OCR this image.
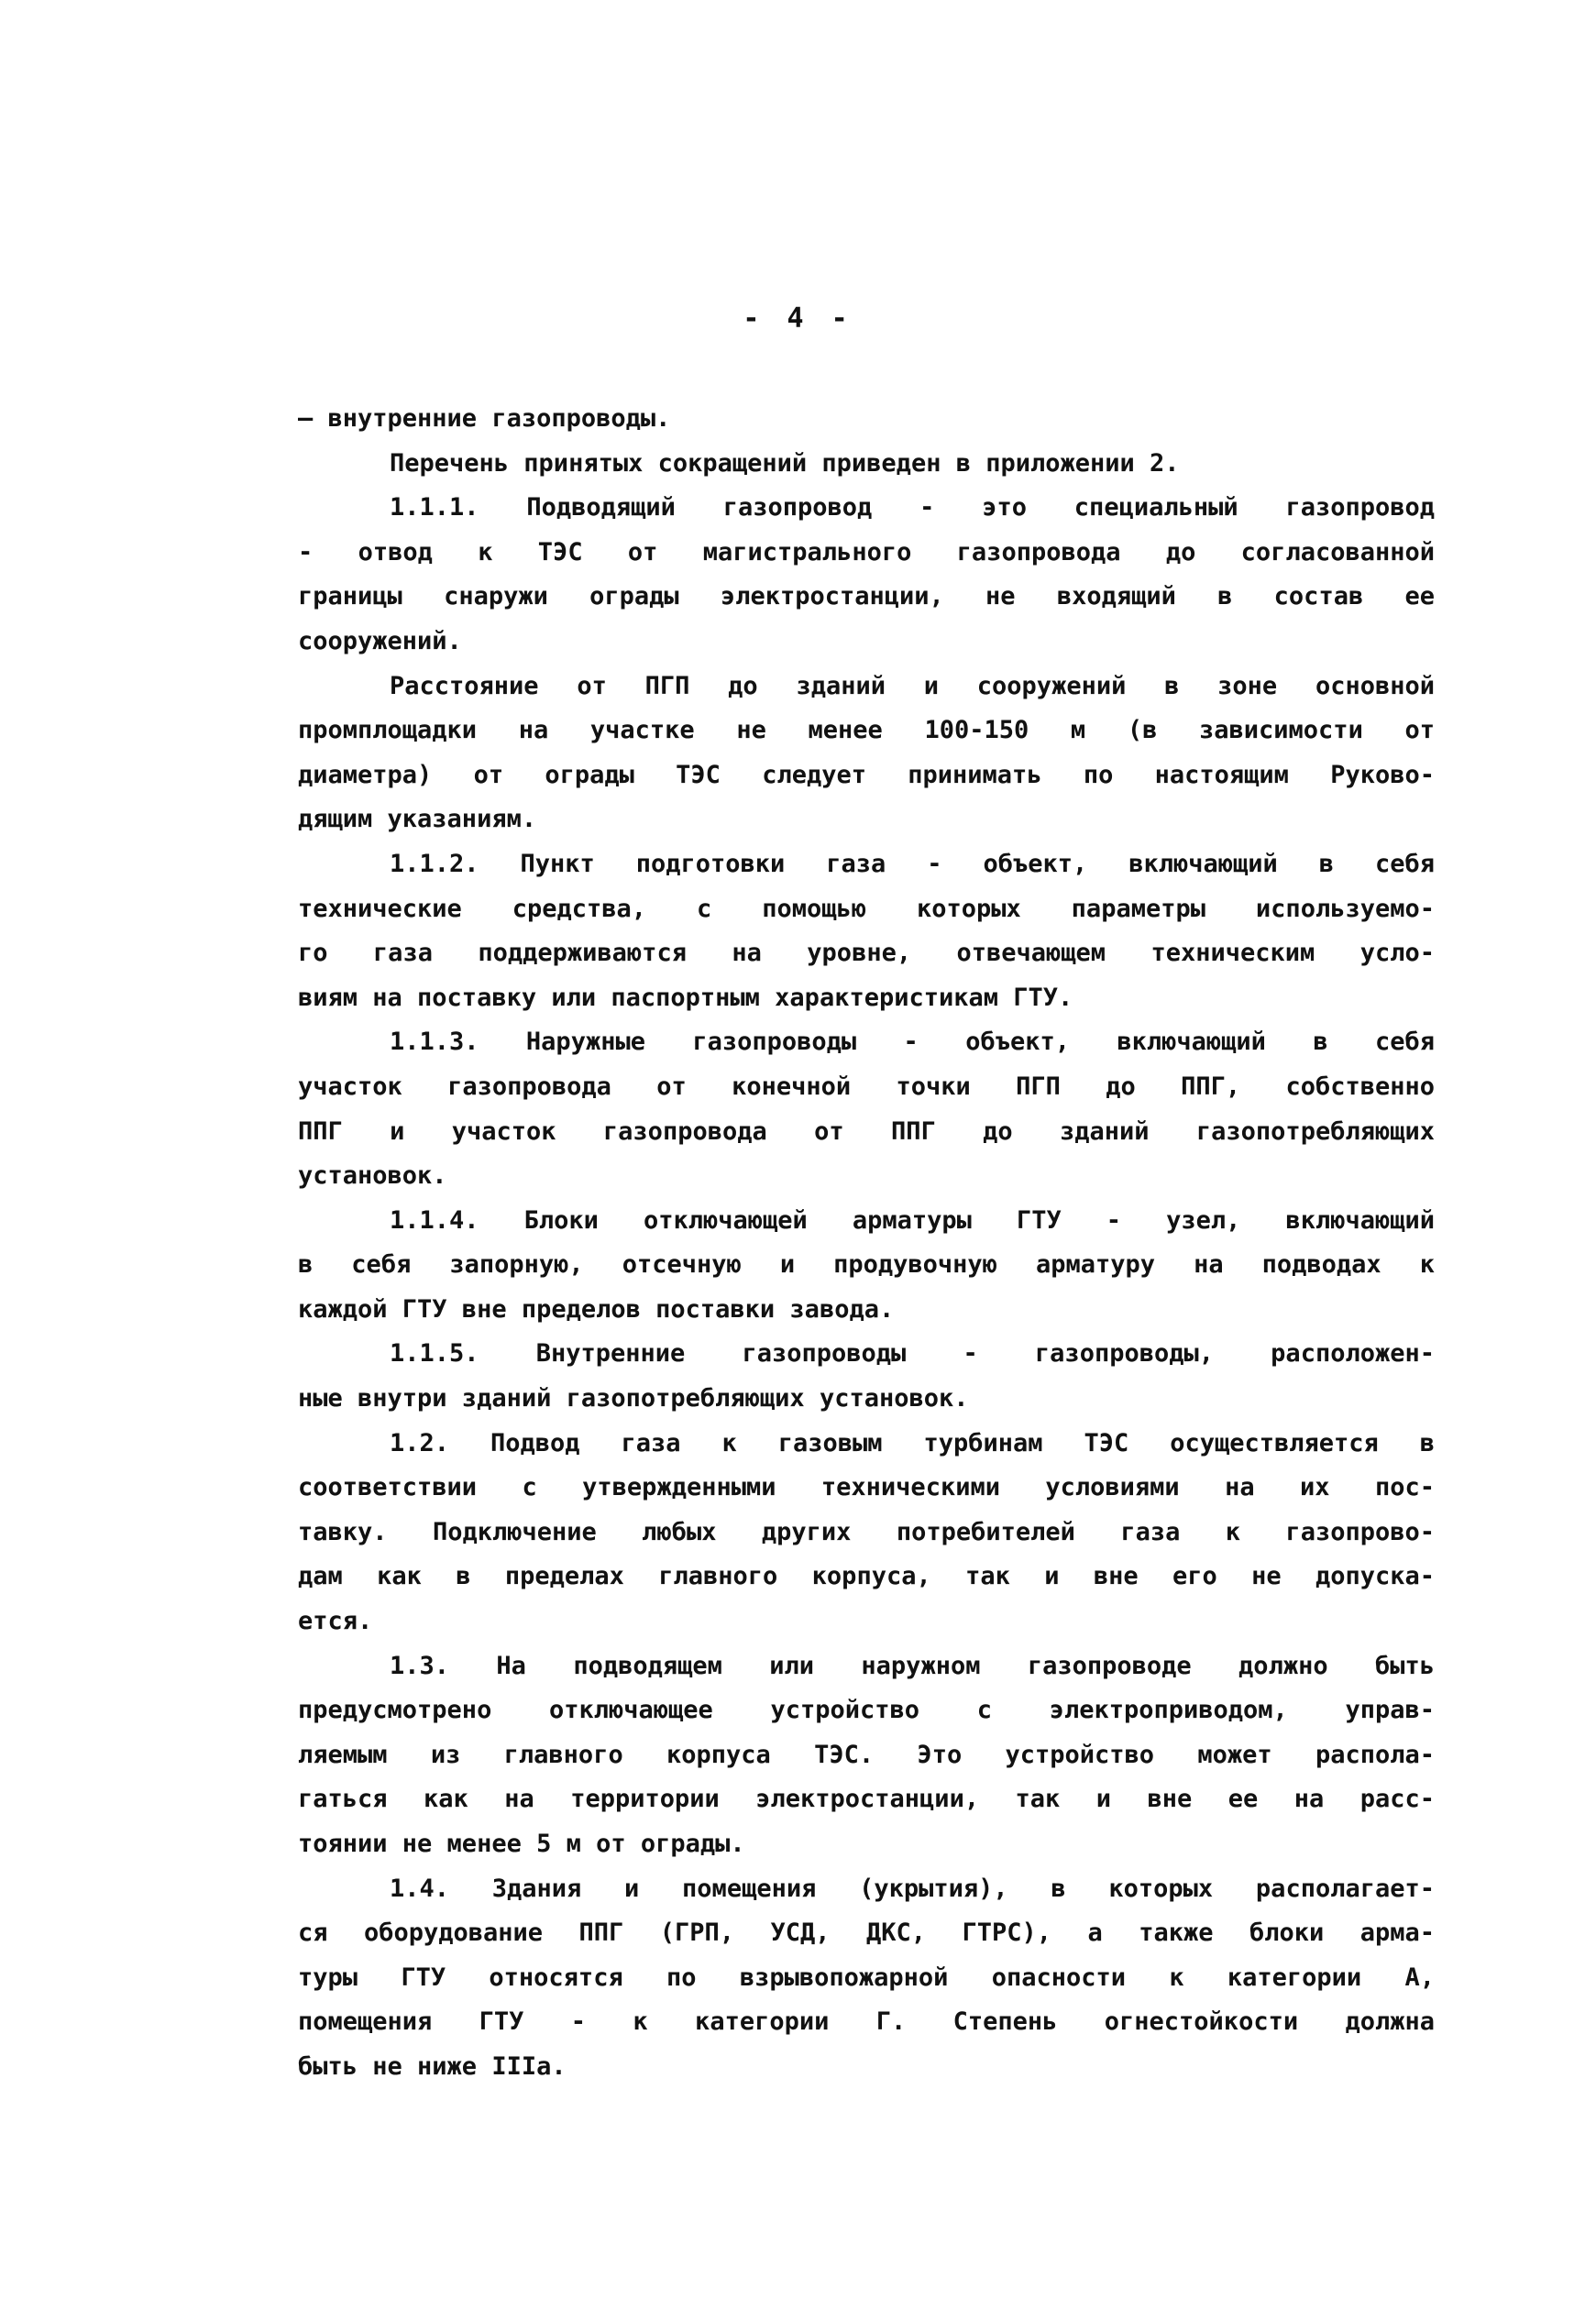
- 4 -
— внутренние газопроводы.
Перечень принятых сокращений приведен в приложении 2.
1.1.1. Подводящий газопровод - это специальный газопровод
- отвод к ТЭС от магистрального газопровода до согласованной
границы снаружи ограды электростанции, не входящий в состав ее
сооружений.
Расстояние от ПГП до зданий и сооружений в зоне основной
промплощадки на участке не менее 100-150 м (в зависимости от
диаметра) от ограды ТЭС следует принимать по настоящим Руково-
дящим указаниям.
1.1.2. Пункт подготовки газа - объект, включающий в себя
технические средства, с помощью которых параметры используемо-
го газа поддерживаются на уровне, отвечающем техническим усло-
виям на поставку или паспортным характеристикам ГТУ.
1.1.3. Наружные газопроводы - объект, включающий в себя
участок газопровода от конечной точки ПГП до ППГ, собственно
ППГ и участок газопровода от ППГ до зданий газопотребляющих
установок.
1.1.4. Блоки отключающей арматуры ГТУ - узел, включающий
в себя запорную, отсечную и продувочную арматуру на подводах к
каждой ГТУ вне пределов поставки завода.
1.1.5. Внутренние газопроводы - газопроводы, расположен-
ные внутри зданий газопотребляющих установок.
1.2. Подвод газа к газовым турбинам ТЭС осуществляется в
соответствии с утвержденными техническими условиями на их пос-
тавку. Подключение любых других потребителей газа к газопрово-
дам как в пределах главного корпуса, так и вне его не допуска-
ется.
1.3. На подводящем или наружном газопроводе должно быть
предусмотрено отключающее устройство с электроприводом, управ-
ляемым из главного корпуса ТЭС. Это устройство может распола-
гаться как на территории электростанции, так и вне ее на расс-
тоянии не менее 5 м от ограды.
1.4. Здания и помещения (укрытия), в которых располагает-
ся оборудование ППГ (ГРП, УСД, ДКС, ГТРС), а также блоки арма-
туры ГТУ относятся по взрывопожарной опасности к категории А,
помещения ГТУ - к категории Г. Степень огнестойкости должна
быть не ниже IIIа.
